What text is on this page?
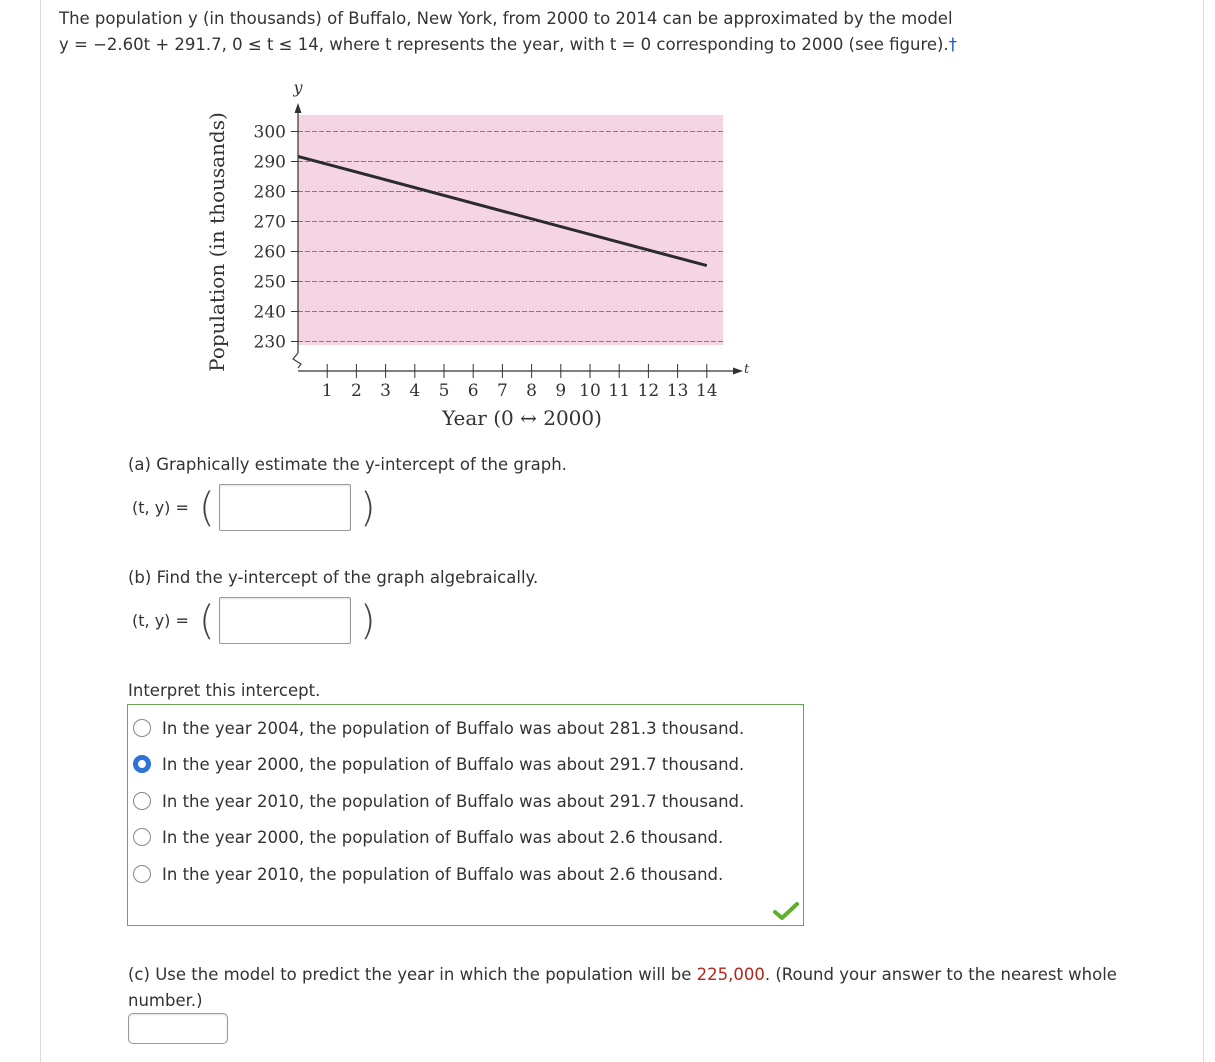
The population y (in thousands) of Buffalo, New York, from 2000 to 2014 can be approximated by the model
y = −2.60t + 291.7, 0 ≤ t ≤ 14, where t represents the year, with t = 0 corresponding to 2000 (see figure).†
230
240
250
260
270
280
290
300
y
t
1 2 3 4 5 6 7 8 9 10 11 12 13 14
Year (0 ↔ 2000)
Population (in thousands)
(a) Graphically estimate the y-intercept of the graph.
(t, y) = (	)
(b) Find the y-intercept of the graph algebraically.
(t, y) = (	)
Interpret this intercept.
In the year 2004, the population of Buffalo was about 281.3 thousand.
In the year 2000, the population of Buffalo was about 291.7 thousand.
In the year 2010, the population of Buffalo was about 291.7 thousand.
In the year 2000, the population of Buffalo was about 2.6 thousand.
In the year 2010, the population of Buffalo was about 2.6 thousand.
(c) Use the model to predict the year in which the population will be 225,000. (Round your answer to the nearest whole
number.)
